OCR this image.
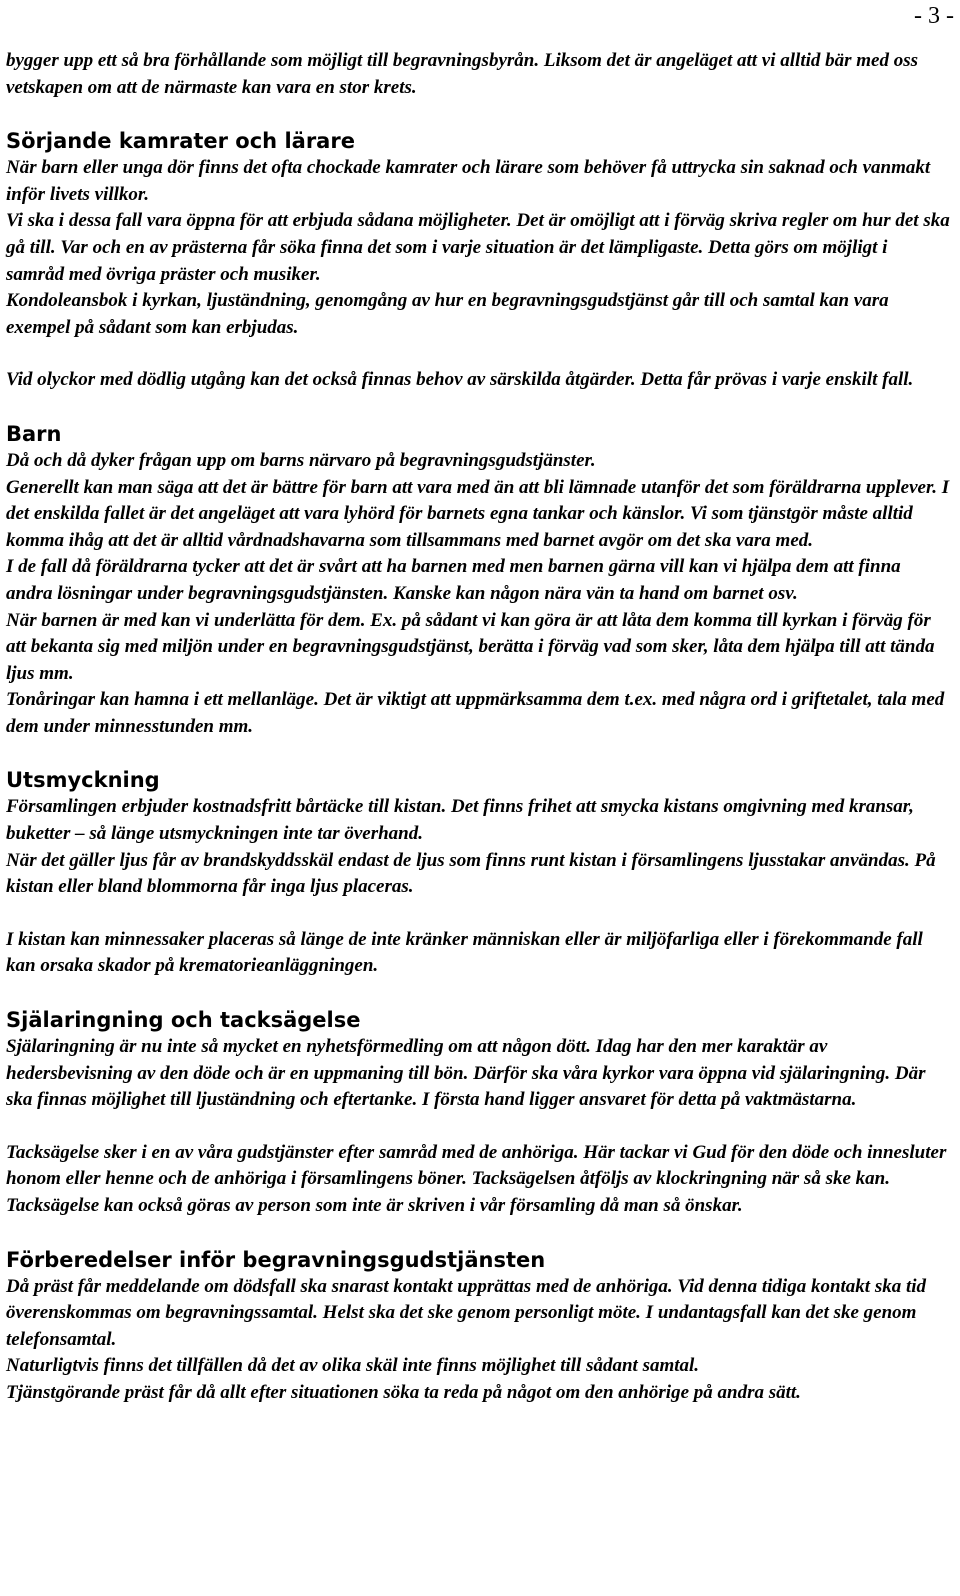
- 3 -

bygger upp ett så bra förhållande som möjligt till begravningsbyrån. Liksom det är angeläget att vi alltid bär med oss vetskapen om att de närmaste kan vara en stor krets.

Sörjande kamrater och lärare

När barn eller unga dör finns det ofta chockade kamrater och lärare som behöver få uttrycka sin saknad och vanmakt inför livets villkor.

Vi ska i dessa fall vara öppna för att erbjuda sådana möjligheter. Det är omöjligt att i förväg skriva regler om hur det ska gå till. Var och en av prästerna får söka finna det som i varje situation är det lämpligaste. Detta görs om möjligt i samråd med övriga präster och musiker.

Kondoleansbok i kyrkan, ljuständning, genomgång av hur en begravningsgudstjänst går till och samtal kan vara exempel på sådant som kan erbjudas.

Vid olyckor med dödlig utgång kan det också finnas behov av särskilda åtgärder. Detta får prövas i varje enskilt fall.

Barn

Då och då dyker frågan upp om barns närvaro på begravningsgudstjänster.

Generellt kan man säga att det är bättre för barn att vara med än att bli lämnade utanför det som föräldrarna upplever. I det enskilda fallet är det angeläget att vara lyhörd för barnets egna tankar och känslor. Vi som tjänstgör måste alltid komma ihåg att det är alltid vårdnadshavarna som tillsammans med barnet avgör om det ska vara med.

I de fall då föräldrarna tycker att det är svårt att ha barnen med men barnen gärna vill kan vi hjälpa dem att finna andra lösningar under begravningsgudstjänsten. Kanske kan någon nära vän ta hand om barnet osv.

När barnen är med kan vi underlätta för dem. Ex. på sådant vi kan göra är att låta dem komma till kyrkan i förväg för att bekanta sig med miljön under en begravningsgudstjänst, berätta i förväg vad som sker, låta dem hjälpa till att tända ljus mm.

Tonåringar kan hamna i ett mellanläge. Det är viktigt att uppmärksamma dem t.ex. med några ord i griftetalet, tala med dem under minnesstunden mm.

Utsmyckning

Församlingen erbjuder kostnadsfritt bårtäcke till kistan. Det finns frihet att smycka kistans omgivning med kransar, buketter – så länge utsmyckningen inte tar överhand.

När det gäller ljus får av brandskyddsskäl endast de ljus som finns runt kistan i församlingens ljusstakar användas. På kistan eller bland blommorna får inga ljus placeras.

I kistan kan minnessaker placeras så länge de inte kränker människan eller är miljöfarliga eller i förekommande fall kan orsaka skador på krematorieanläggningen.

Själaringning och tacksägelse

Själaringning är nu inte så mycket en nyhetsförmedling om att någon dött. Idag har den mer karaktär av hedersbevisning av den döde och är en uppmaning till bön. Därför ska våra kyrkor vara öppna vid själaringning. Där ska finnas möjlighet till ljuständning och eftertanke. I första hand ligger ansvaret för detta på vaktmästarna.

Tacksägelse sker i en av våra gudstjänster efter samråd med de anhöriga. Här tackar vi Gud för den döde och innesluter honom eller henne och de anhöriga i församlingens böner. Tacksägelsen åtföljs av klockringning när så ske kan.

Tacksägelse kan också göras av person som inte är skriven i vår församling då man så önskar.

Förberedelser inför begravningsgudstjänsten

Då präst får meddelande om dödsfall ska snarast kontakt upprättas med de anhöriga. Vid denna tidiga kontakt ska tid överenskommas om begravningssamtal. Helst ska det ske genom personligt möte. I undantagsfall kan det ske genom telefonsamtal.

Naturligtvis finns det tillfällen då det av olika skäl inte finns möjlighet till sådant samtal.

Tjänstgörande präst får då allt efter situationen söka ta reda på något om den anhörige på andra sätt.
